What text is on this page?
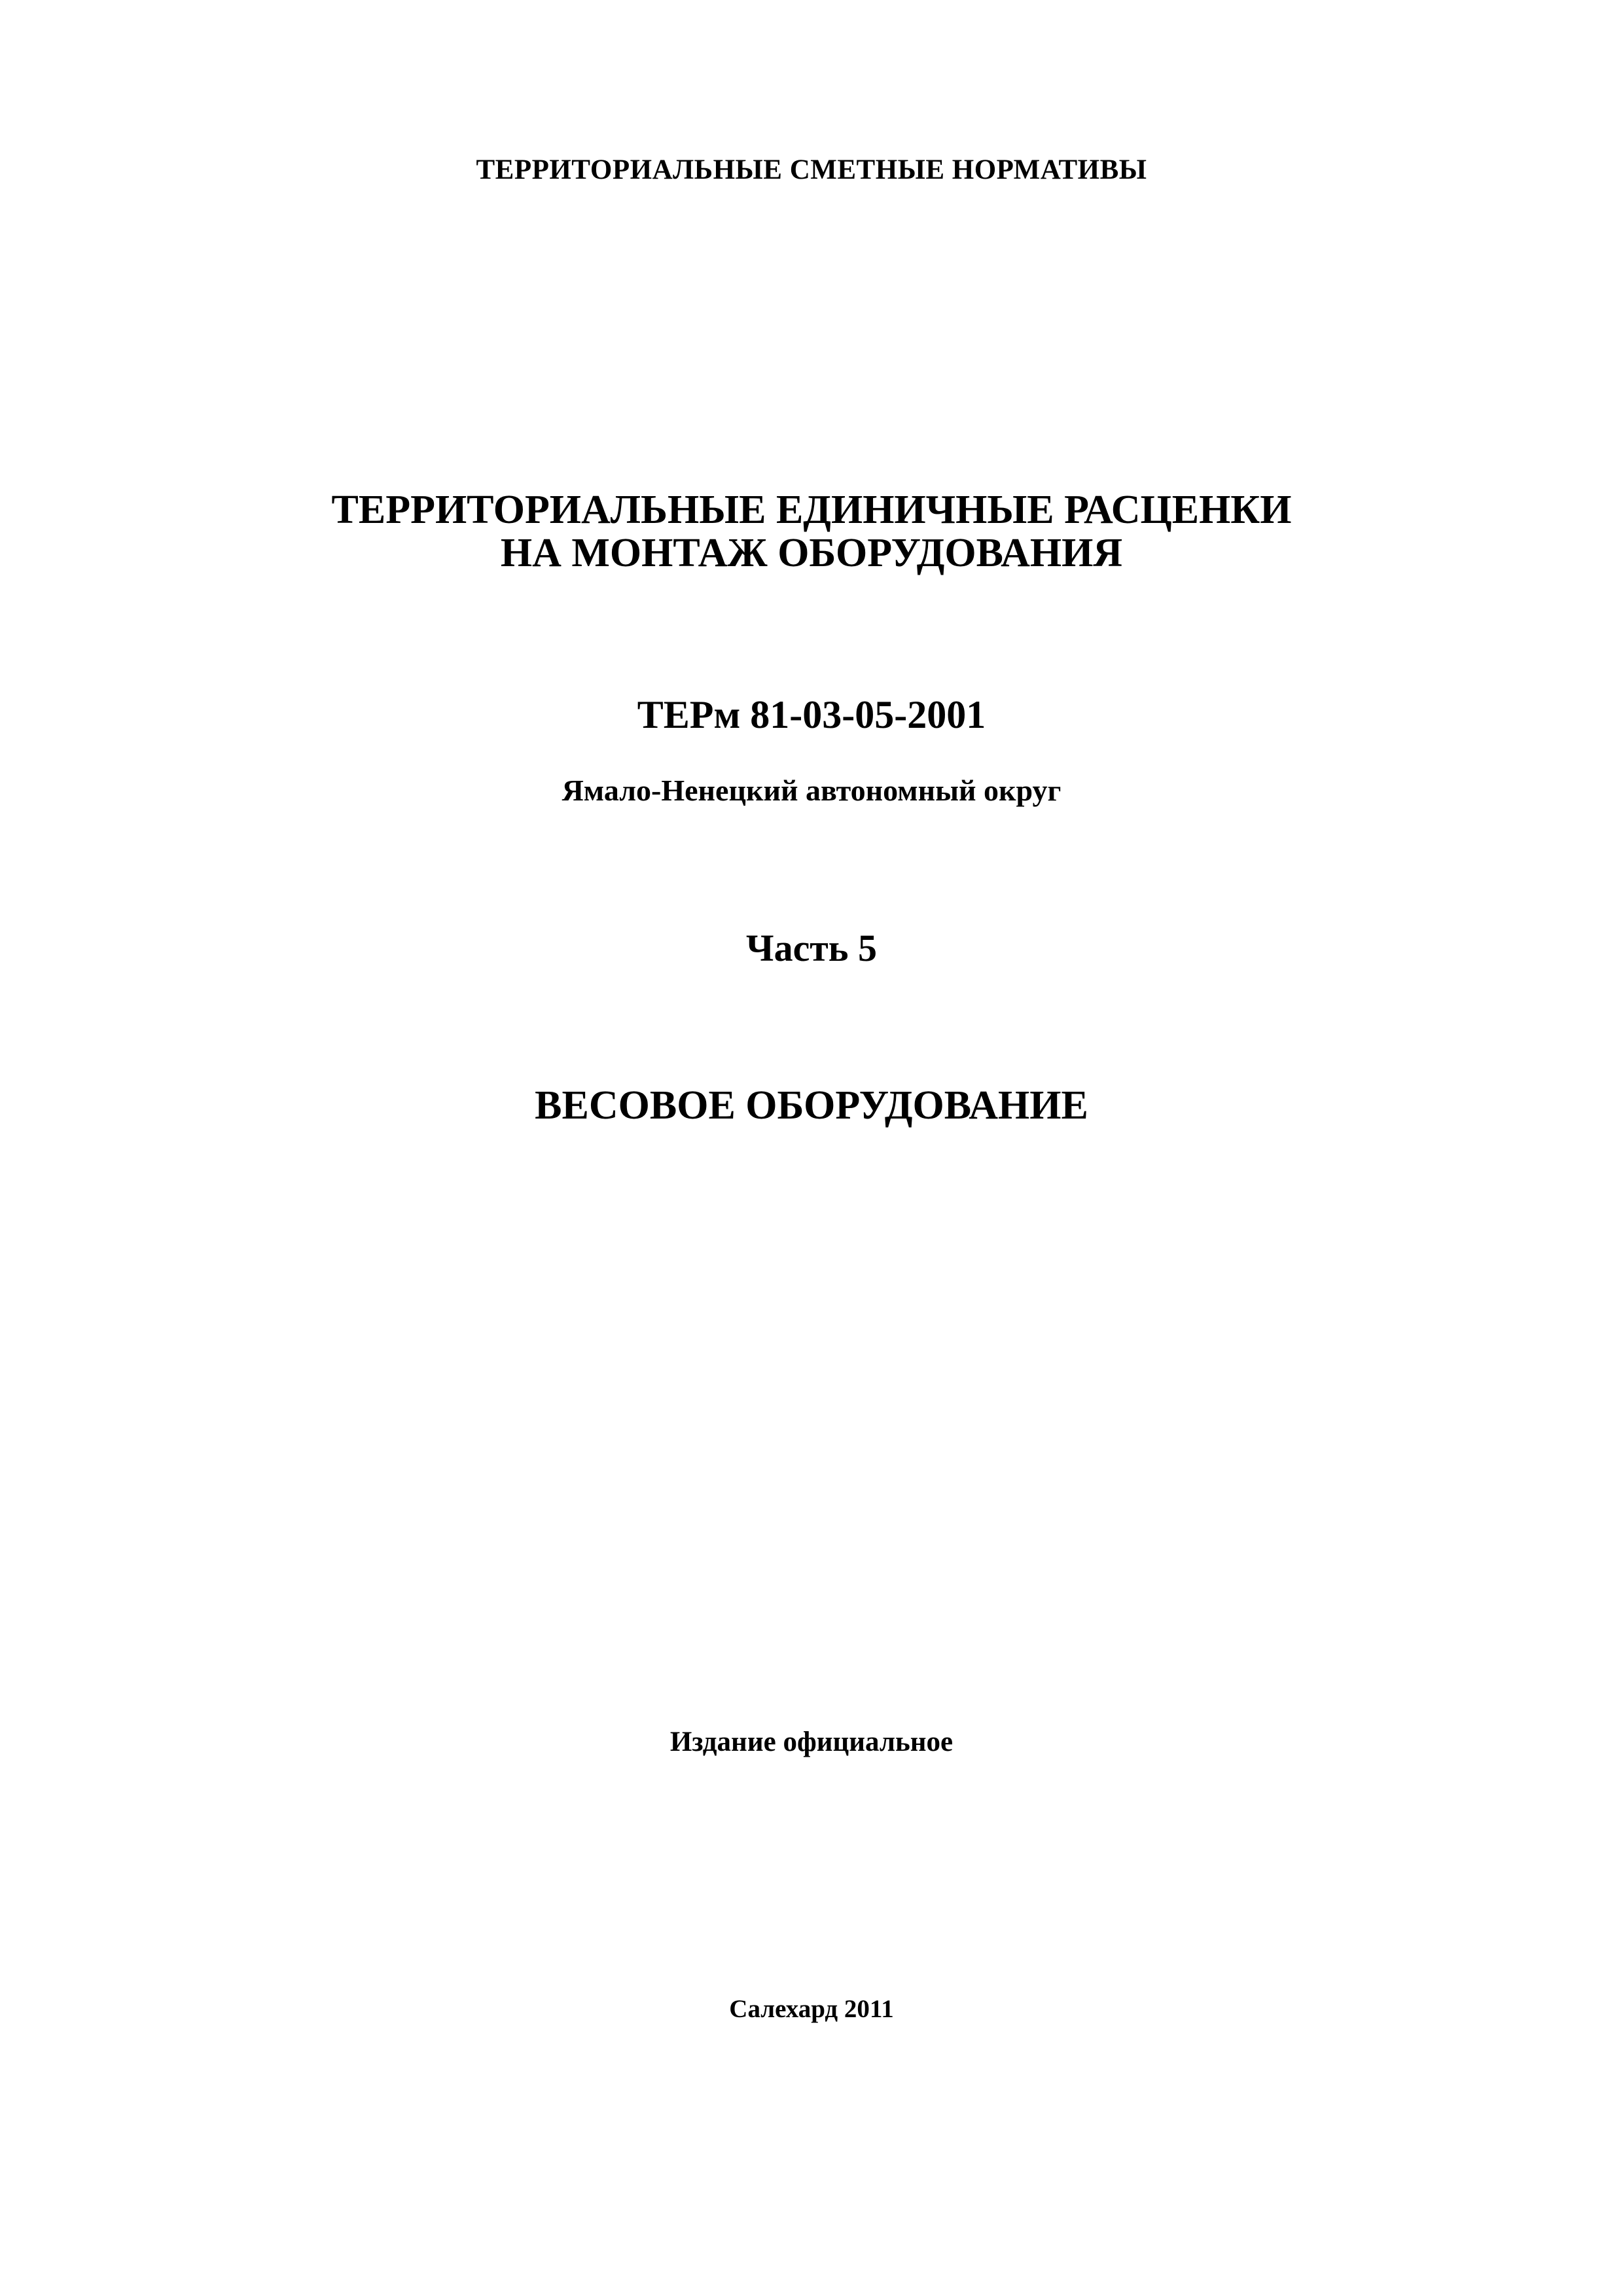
ТЕРРИТОРИАЛЬНЫЕ СМЕТНЫЕ НОРМАТИВЫ

ТЕРРИТОРИАЛЬНЫЕ ЕДИНИЧНЫЕ РАСЦЕНКИ

НА МОНТАЖ ОБОРУДОВАНИЯ

ТЕРм 81-03-05-2001

Ямало-Ненецкий автономный округ

Часть 5

ВЕСОВОЕ ОБОРУДОВАНИЕ

Издание официальное

Салехард 2011
